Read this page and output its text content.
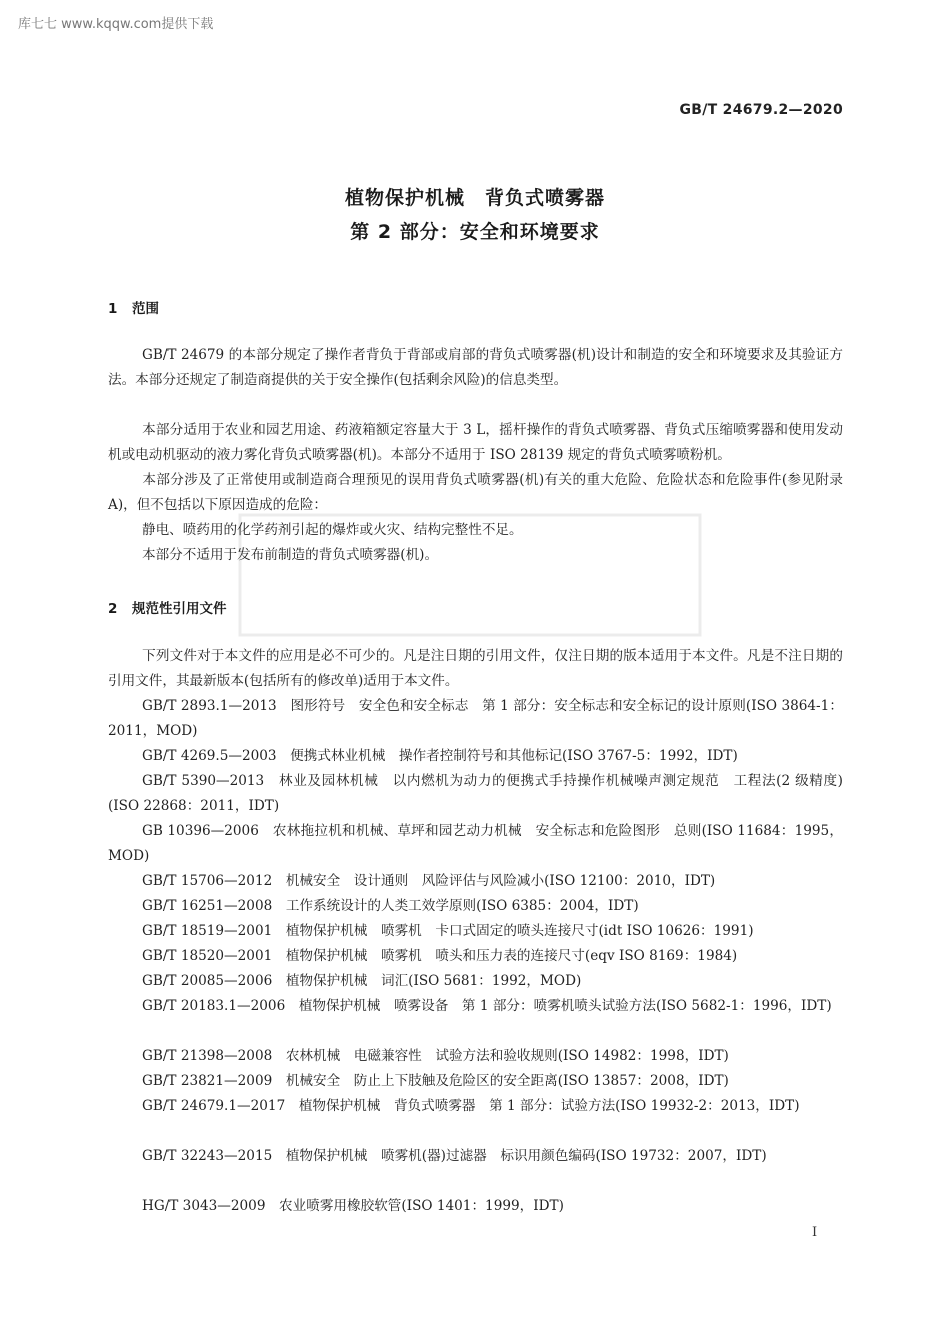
库七七 www.kqqw.com提供下载
GB/T 24679.2—2020
植物保护机械　背负式喷雾器
第 2 部分：安全和环境要求
1 范围
GB/T 24679 的本部分规定了操作者背负于背部或肩部的背负式喷雾器(机)设计和制造的安全和环境要求及其验证方法。本部分还规定了制造商提供的关于安全操作(包括剩余风险)的信息类型。
本部分适用于农业和园艺用途、药液箱额定容量大于 3 L，摇杆操作的背负式喷雾器、背负式压缩喷雾器和使用发动机或电动机驱动的液力雾化背负式喷雾器(机)。本部分不适用于 ISO 28139 规定的背负式喷雾喷粉机。
本部分涉及了正常使用或制造商合理预见的误用背负式喷雾器(机)有关的重大危险、危险状态和危险事件(参见附录 A)，但不包括以下原因造成的危险：
静电、喷药用的化学药剂引起的爆炸或火灾、结构完整性不足。
本部分不适用于发布前制造的背负式喷雾器(机)。
2 规范性引用文件
下列文件对于本文件的应用是必不可少的。凡是注日期的引用文件，仅注日期的版本适用于本文件。凡是不注日期的引用文件，其最新版本(包括所有的修改单)适用于本文件。
GB/T 2893.1—2013　图形符号　安全色和安全标志　第 1 部分：安全标志和安全标记的设计原则(ISO 3864-1：2011，MOD)
GB/T 4269.5—2003　便携式林业机械　操作者控制符号和其他标记(ISO 3767-5：1992，IDT)
GB/T 5390—2013　林业及园林机械　以内燃机为动力的便携式手持操作机械噪声测定规范　工程法(2 级精度)(ISO 22868：2011，IDT)
GB 10396—2006　农林拖拉机和机械、草坪和园艺动力机械　安全标志和危险图形　总则(ISO 11684：1995，MOD)
GB/T 15706—2012　机械安全　设计通则　风险评估与风险减小(ISO 12100：2010，IDT)
GB/T 16251—2008　工作系统设计的人类工效学原则(ISO 6385：2004，IDT)
GB/T 18519—2001　植物保护机械　喷雾机　卡口式固定的喷头连接尺寸(idt ISO 10626：1991)
GB/T 18520—2001　植物保护机械　喷雾机　喷头和压力表的连接尺寸(eqv ISO 8169：1984)
GB/T 20085—2006　植物保护机械　词汇(ISO 5681：1992，MOD)
GB/T 20183.1—2006　植物保护机械　喷雾设备　第 1 部分：喷雾机喷头试验方法(ISO 5682-1：1996，IDT)
GB/T 21398—2008　农林机械　电磁兼容性　试验方法和验收规则(ISO 14982：1998，IDT)
GB/T 23821—2009　机械安全　防止上下肢触及危险区的安全距离(ISO 13857：2008，IDT)
GB/T 24679.1—2017　植物保护机械　背负式喷雾器　第 1 部分：试验方法(ISO 19932-2：2013，IDT)
GB/T 32243—2015　植物保护机械　喷雾机(器)过滤器　标识用颜色编码(ISO 19732：2007，IDT)
HG/T 3043—2009　农业喷雾用橡胶软管(ISO 1401：1999，IDT)
I
